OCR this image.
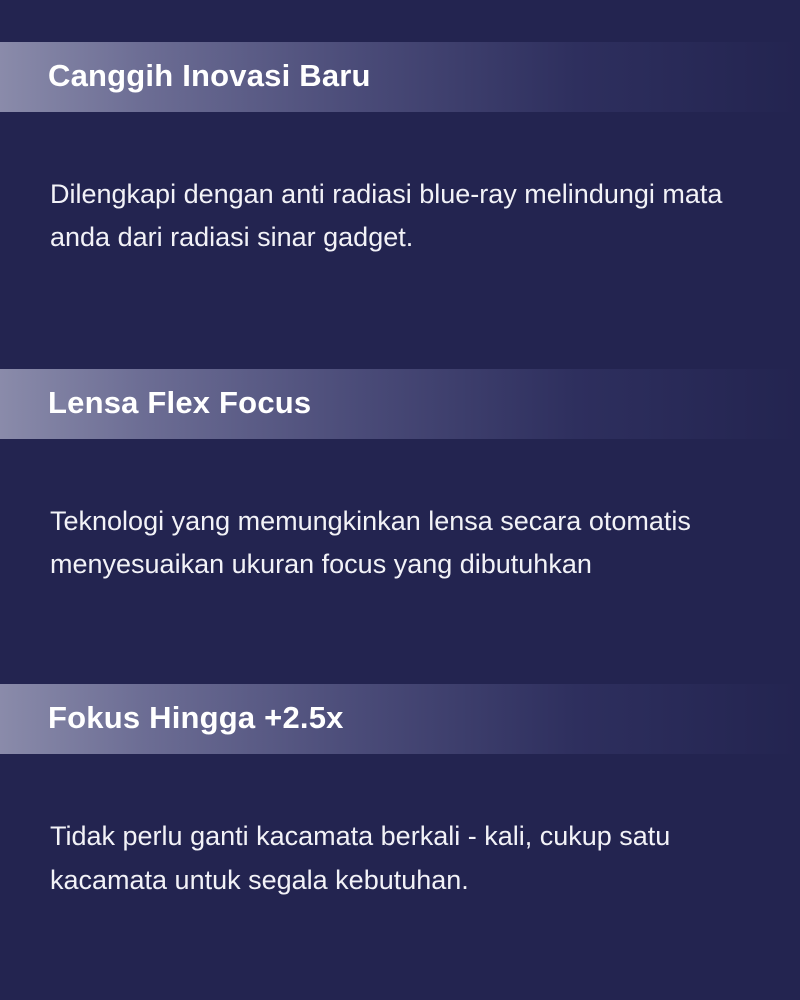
Canggih Inovasi Baru

Dilengkapi dengan anti radiasi blue-ray melindungi mata anda dari radiasi sinar gadget.

Lensa Flex Focus

Teknologi yang memungkinkan lensa secara otomatis menyesuaikan ukuran focus yang dibutuhkan

Fokus Hingga +2.5x

Tidak perlu ganti kacamata berkali - kali, cukup satu kacamata untuk segala kebutuhan.
